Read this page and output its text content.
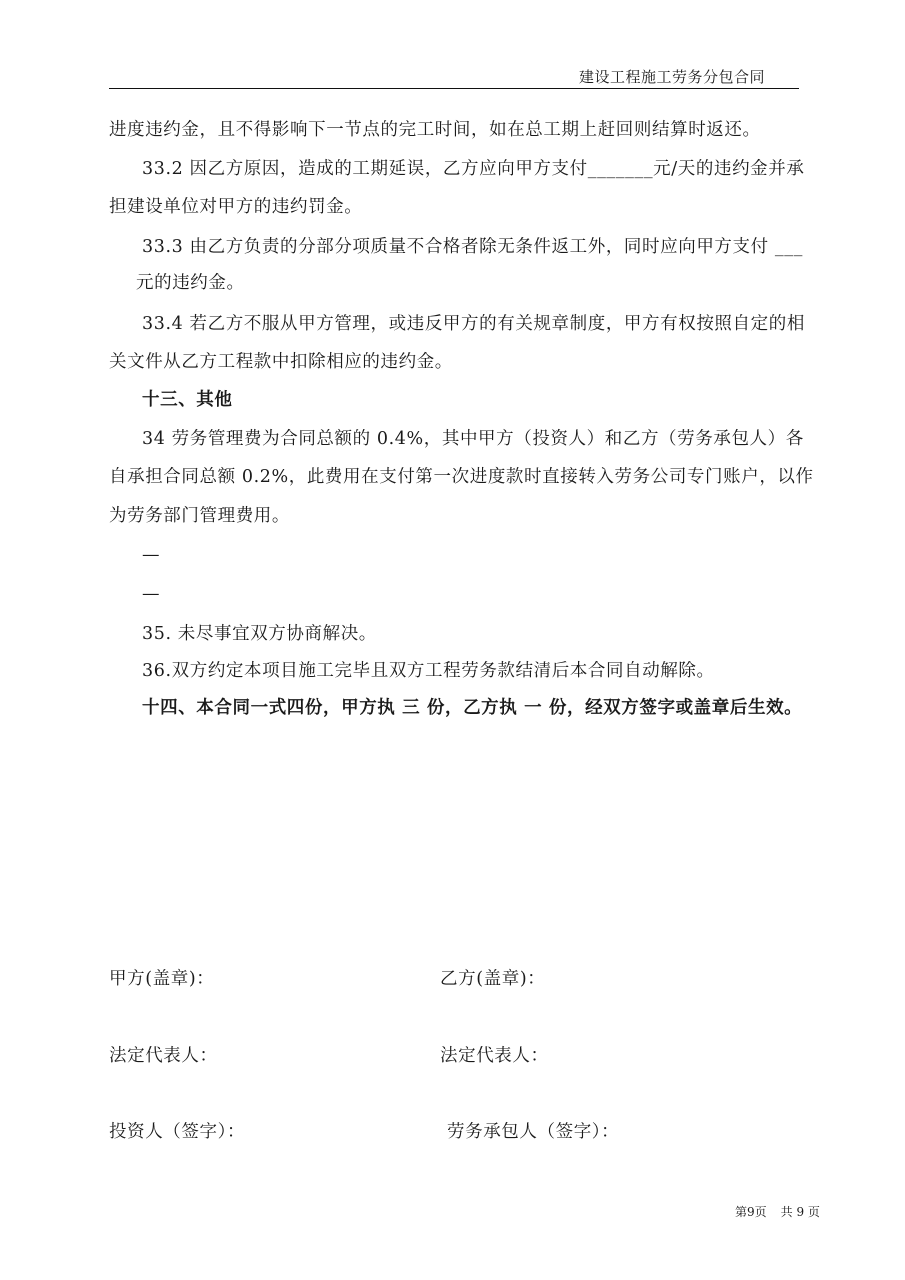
建设工程施工劳务分包合同
进度违约金，且不得影响下一节点的完工时间，如在总工期上赶回则结算时返还。
33.2 因乙方原因，造成的工期延误，乙方应向甲方支付_______元/天的违约金并承
担建设单位对甲方的违约罚金。
33.3 由乙方负责的分部分项质量不合格者除无条件返工外，同时应向甲方支付 ___
元的违约金。
33.4 若乙方不服从甲方管理，或违反甲方的有关规章制度，甲方有权按照自定的相
关文件从乙方工程款中扣除相应的违约金。
十三、其他
34 劳务管理费为合同总额的 0.4%，其中甲方（投资人）和乙方（劳务承包人）各
自承担合同总额 0.2%，此费用在支付第一次进度款时直接转入劳务公司专门账户，以作
为劳务部门管理费用。
—
—
35. 未尽事宜双方协商解决。
36.双方约定本项目施工完毕且双方工程劳务款结清后本合同自动解除。
十四、本合同一式四份，甲方执 三 份，乙方执 一 份，经双方签字或盖章后生效。
甲方(盖章)：	乙方(盖章)：
法定代表人：	法定代表人：
投资人（签字）：	劳务承包人（签字）：
第9页 共 9 页
